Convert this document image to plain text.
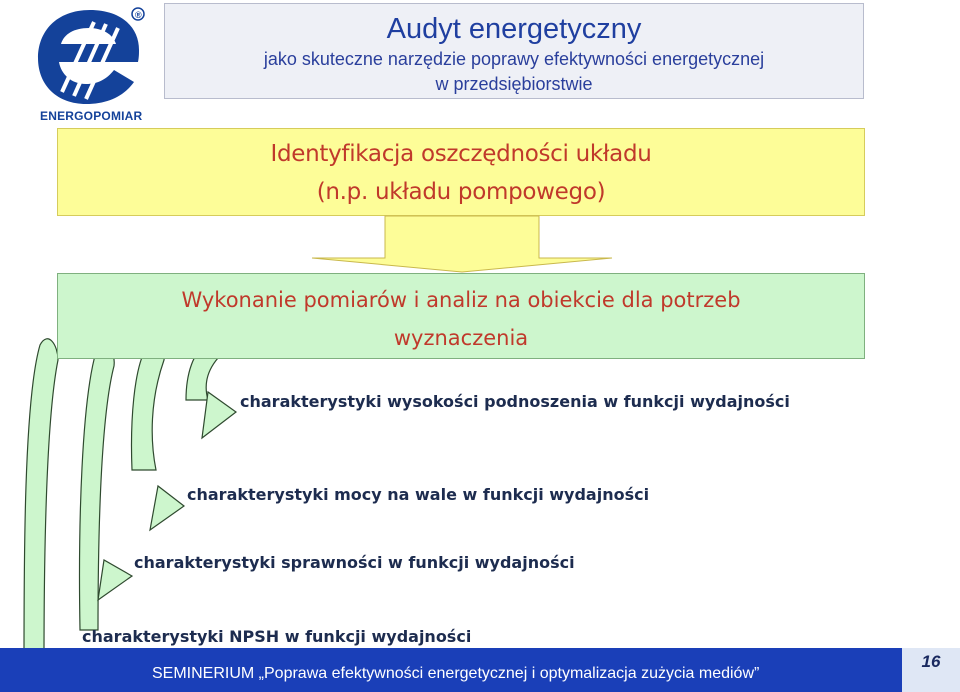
®
ENERGOPOMIAR
Audyt energetyczny
jako skuteczne narzędzie poprawy efektywności energetycznej
w przedsiębiorstwie
Identyfikacja oszczędności układu
(n.p. układu pompowego)
Wykonanie pomiarów i analiz na obiekcie dla potrzeb
wyznaczenia
charakterystyki wysokości podnoszenia w funkcji wydajności
charakterystyki mocy na wale w funkcji wydajności
charakterystyki sprawności w funkcji wydajności
charakterystyki NPSH w funkcji wydajności
SEMINERIUM „Poprawa efektywności energetycznej i optymalizacja zużycia mediów”
16
